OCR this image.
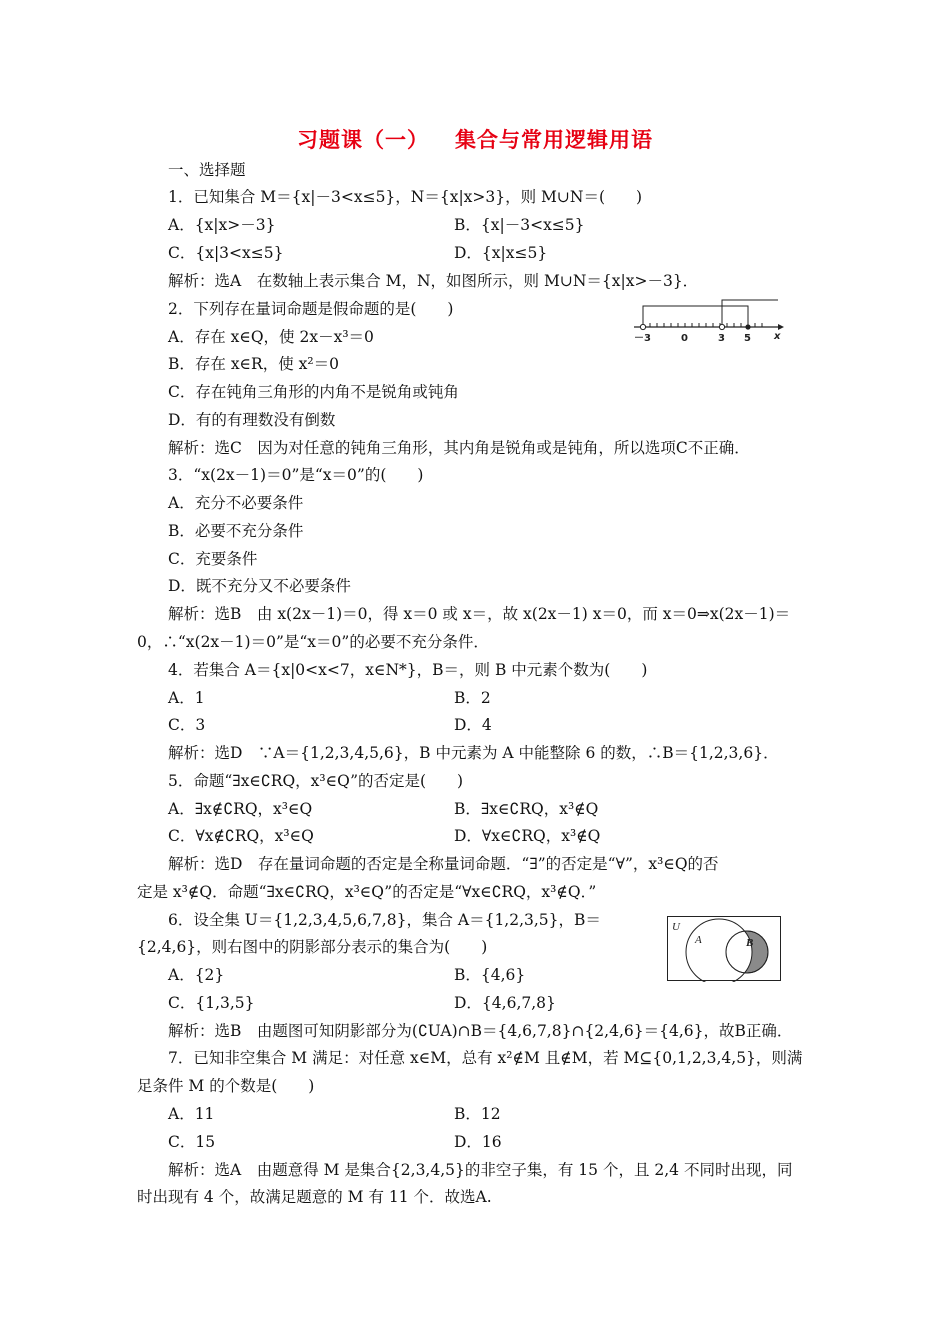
习题课（一） 集合与常用逻辑用语
一、选择题
1．已知集合 M＝{x|－3<x≤5}，N＝{x|x>3}，则 M∪N＝(　　)
A．{x|x>－3}	B．{x|－3<x≤5}
C．{x|3<x≤5}	D．{x|x≤5}
解析：选A　在数轴上表示集合 M，N，如图所示，则 M∪N＝{x|x>－3}．
－3	0	3 5 x
2．下列存在量词命题是假命题的是(　　)
A．存在 x∈Q，使 2x－x³＝0
B．存在 x∈R，使 x²＝0
C．存在钝角三角形的内角不是锐角或钝角
D．有的有理数没有倒数
解析：选C　因为对任意的钝角三角形，其内角是锐角或是钝角，所以选项C不正确．
3．“x(2x－1)＝0”是“x＝0”的(　　)
A．充分不必要条件
B．必要不充分条件
C．充要条件
D．既不充分又不必要条件
解析：选B　由 x(2x－1)＝0，得 x＝0 或 x＝，故 x(2x－1) x＝0，而 x＝0⇒x(2x－1)＝
0，∴“x(2x－1)＝0”是“x＝0”的必要不充分条件．
4．若集合 A＝{x|0<x<7，x∈N*}，B＝，则 B 中元素个数为(　　)
A．1	B．2
C．3	D．4
解析：选D　∵A＝{1,2,3,4,5,6}，B 中元素为 A 中能整除 6 的数，∴B＝{1,2,3,6}．
5．命题“∃x∈∁RQ，x³∈Q”的否定是(　　)
A．∃x∉∁RQ，x³∈Q	B．∃x∈∁RQ，x³∉Q
C．∀x∉∁RQ，x³∈Q	D．∀x∈∁RQ，x³∉Q
解析：选D　存在量词命题的否定是全称量词命题．“∃”的否定是“∀”，x³∈Q的否
定是 x³∉Q．命题“∃x∈∁RQ，x³∈Q”的否定是“∀x∈∁RQ，x³∉Q．”
6．设全集 U＝{1,2,3,4,5,6,7,8}，集合 A＝{1,2,3,5}，B＝
{2,4,6}，则右图中的阴影部分表示的集合为(　　)
A．{2}	B．{4,6}
C．{1,3,5}	D．{4,6,7,8}
解析：选B　由题图可知阴影部分为(∁UA)∩B＝{4,6,7,8}∩{2,4,6}＝{4,6}，故B正确．
U
A	B
7．已知非空集合 M 满足：对任意 x∈M，总有 x²∉M 且∉M，若 M⊆{0,1,2,3,4,5}，则满
足条件 M 的个数是(　　)
A．11	B．12
C．15	D．16
解析：选A　由题意得 M 是集合{2,3,4,5}的非空子集，有 15 个，且 2,4 不同时出现，同
时出现有 4 个，故满足题意的 M 有 11 个．故选A.
